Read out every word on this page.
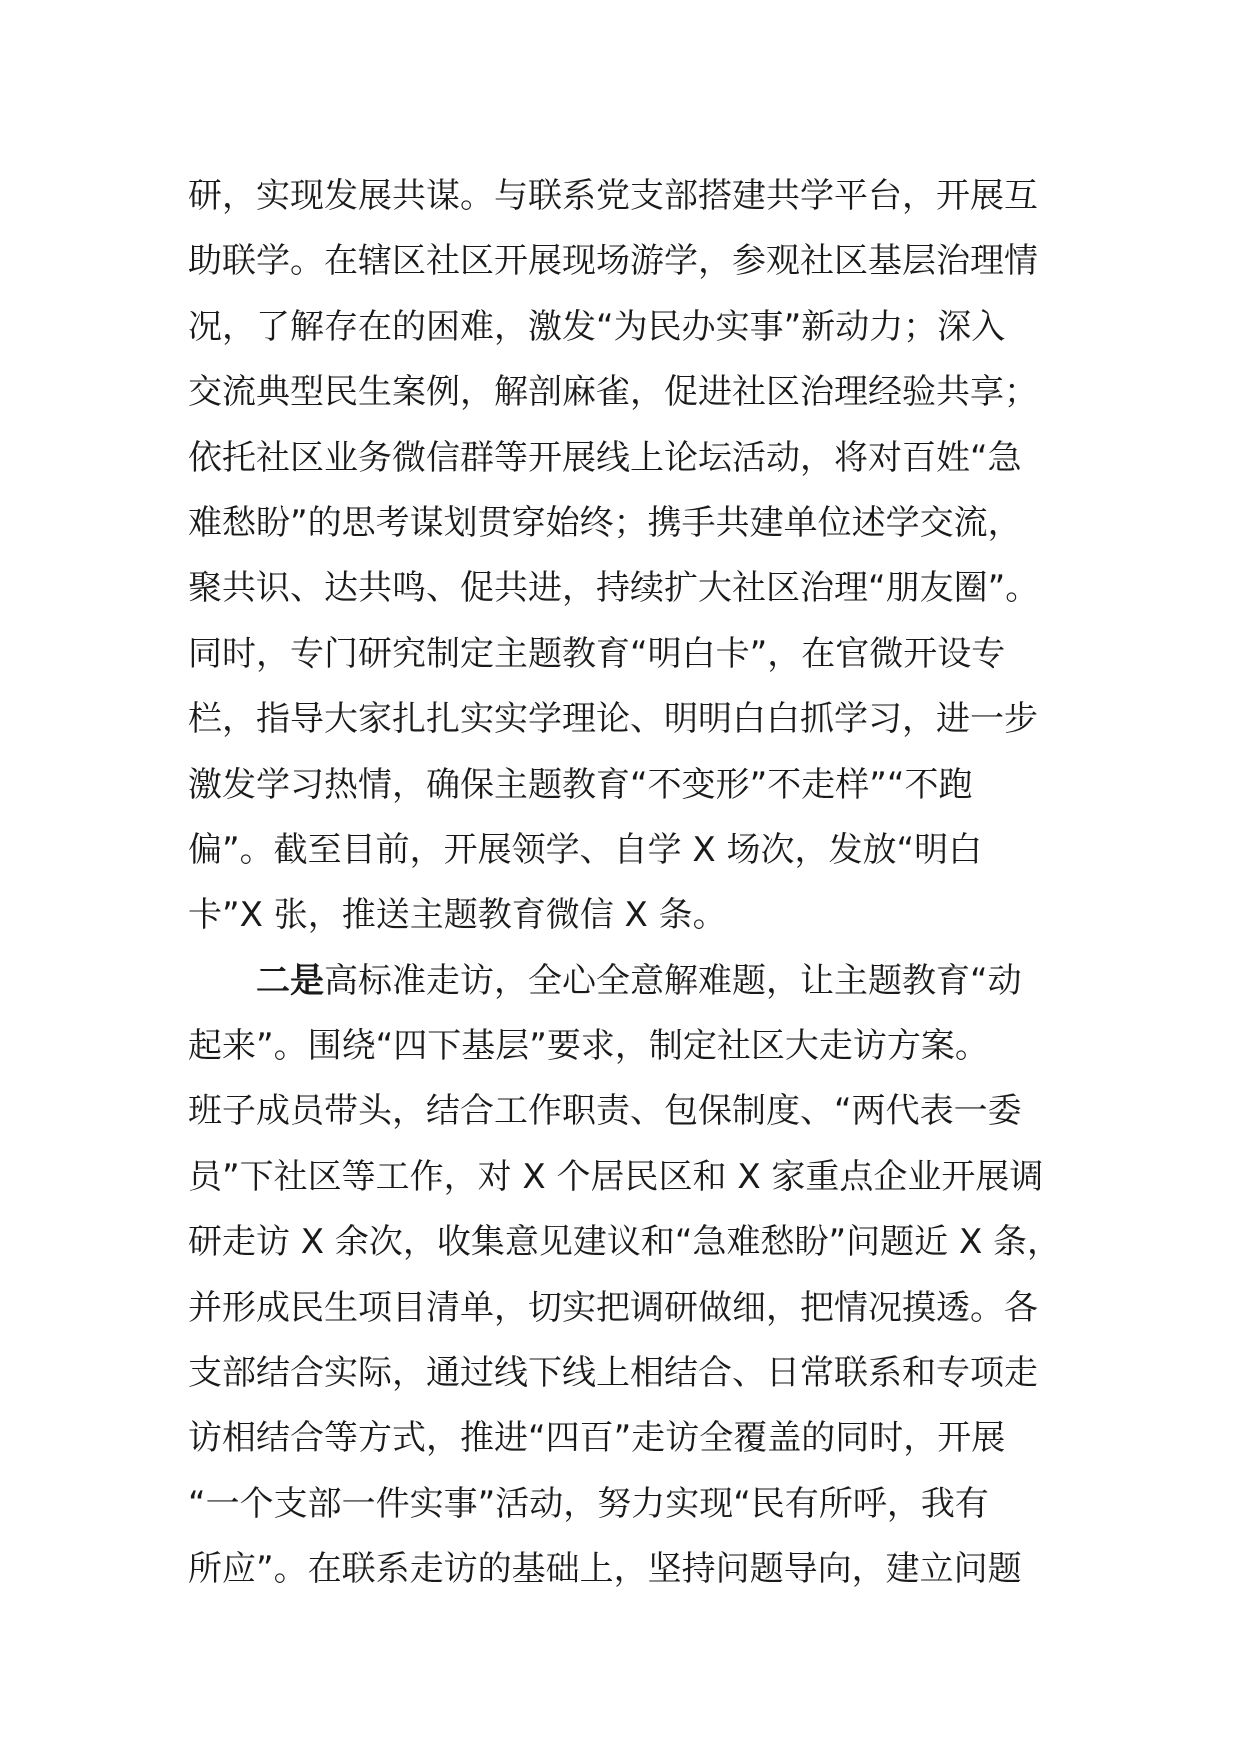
研，实现发展共谋。与联系党支部搭建共学平台，开展互
助联学。在辖区社区开展现场游学，参观社区基层治理情
况，了解存在的困难，激发“为民办实事”新动力；深入
交流典型民生案例，解剖麻雀，促进社区治理经验共享；
依托社区业务微信群等开展线上论坛活动，将对百姓“急
难愁盼”的思考谋划贯穿始终；携手共建单位述学交流，
聚共识、达共鸣、促共进，持续扩大社区治理“朋友圈”。
同时，专门研究制定主题教育“明白卡”，在官微开设专
栏，指导大家扎扎实实学理论、明明白白抓学习，进一步
激发学习热情，确保主题教育“不变形”不走样”“不跑
偏”。截至目前，开展领学、自学 X 场次，发放“明白
卡”X 张，推送主题教育微信 X 条。
二是高标准走访，全心全意解难题，让主题教育“动
起来”。围绕“四下基层”要求，制定社区大走访方案。
班子成员带头，结合工作职责、包保制度、“两代表一委
员”下社区等工作，对 X 个居民区和 X 家重点企业开展调
研走访 X 余次，收集意见建议和“急难愁盼”问题近 X 条，
并形成民生项目清单，切实把调研做细，把情况摸透。各
支部结合实际，通过线下线上相结合、日常联系和专项走
访相结合等方式，推进“四百”走访全覆盖的同时，开展
“一个支部一件实事”活动，努力实现“民有所呼，我有
所应”。在联系走访的基础上，坚持问题导向，建立问题
